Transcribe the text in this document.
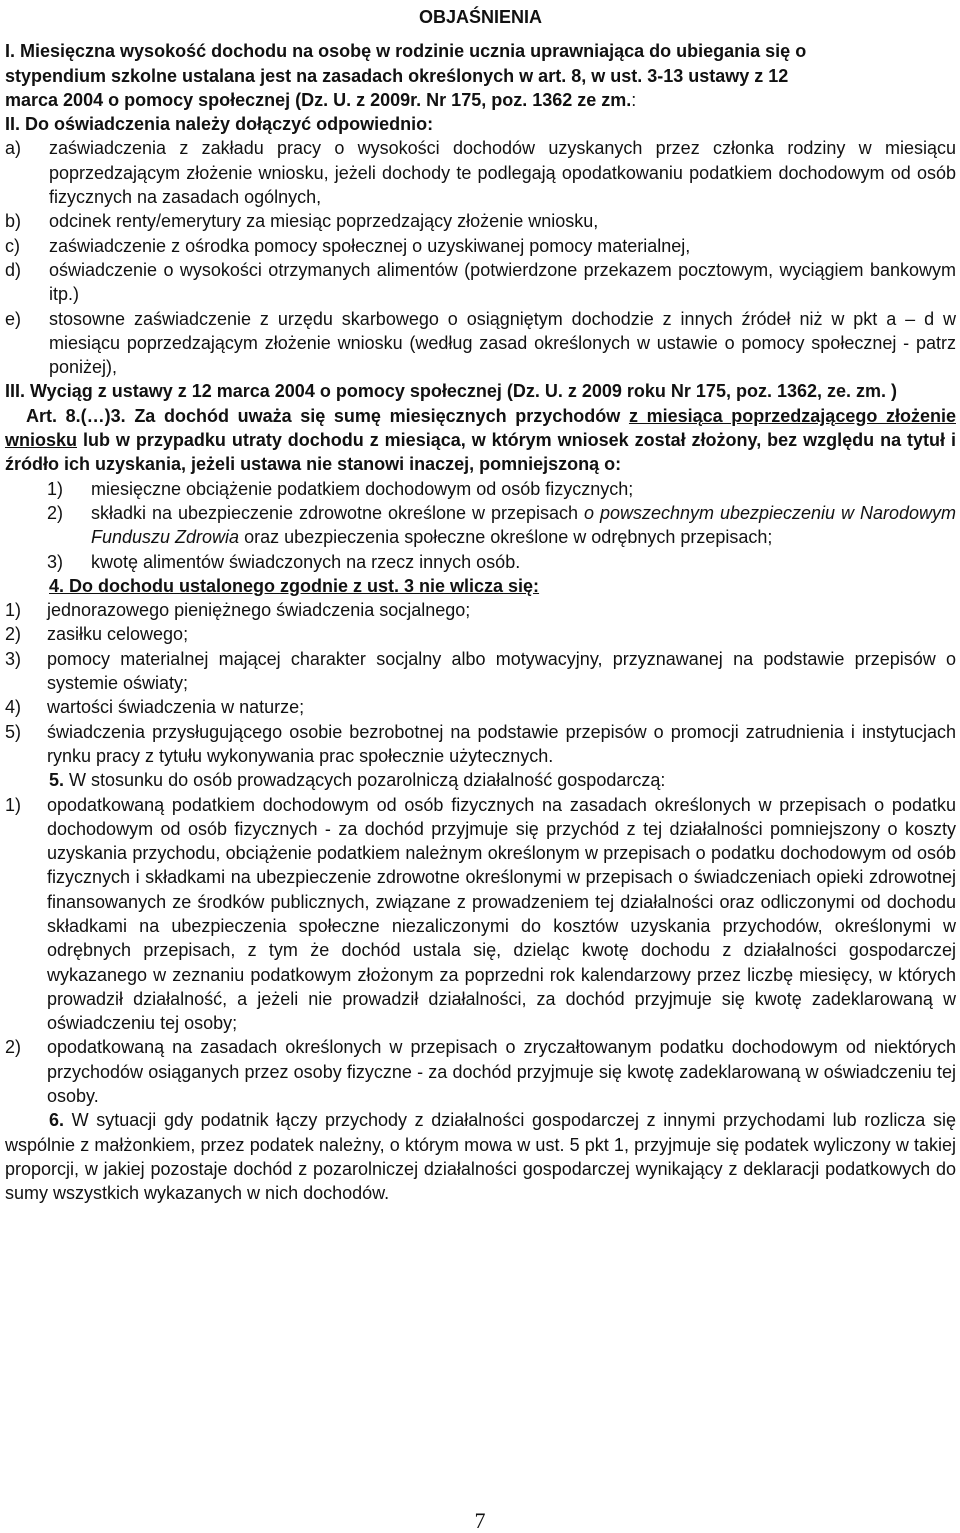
OBJAŚNIENIA

I. Miesięczna wysokość dochodu na osobę w rodzinie ucznia uprawniająca do ubiegania się o

stypendium szkolne ustalana jest na zasadach określonych w art. 8, w ust. 3-13 ustawy z 12

marca 2004 o pomocy społecznej (Dz. U. z 2009r. Nr 175, poz. 1362 ze zm.:

II. Do oświadczenia należy dołączyć odpowiednio:

a)	zaświadczenia z zakładu pracy o wysokości dochodów uzyskanych przez członka rodziny w miesiącu poprzedzającym złożenie wniosku, jeżeli dochody te podlegają opodatkowaniu podatkiem dochodowym od osób fizycznych na zasadach ogólnych,
b)	odcinek renty/emerytury za miesiąc poprzedzający złożenie wniosku,
c)	zaświadczenie z ośrodka pomocy społecznej o uzyskiwanej pomocy materialnej,
d)	oświadczenie o wysokości otrzymanych alimentów (potwierdzone przekazem pocztowym, wyciągiem bankowym itp.)
e)	stosowne zaświadczenie z urzędu skarbowego o osiągniętym dochodzie z innych źródeł niż w pkt a – d w miesiącu poprzedzającym złożenie wniosku (według zasad określonych w ustawie o pomocy społecznej - patrz poniżej),

III. Wyciąg z ustawy z 12 marca 2004 o pomocy społecznej (Dz. U. z 2009 roku Nr 175, poz. 1362, ze. zm. )

Art. 8.(…)3. Za dochód uważa się sumę miesięcznych przychodów z miesiąca poprzedzającego złożenie wniosku lub w przypadku utraty dochodu z miesiąca, w którym wniosek został złożony, bez względu na tytuł i źródło ich uzyskania, jeżeli ustawa nie stanowi inaczej, pomniejszoną o:

1)	miesięczne obciążenie podatkiem dochodowym od osób fizycznych;
2)	składki na ubezpieczenie zdrowotne określone w przepisach o powszechnym ubezpieczeniu w Narodowym Funduszu Zdrowia oraz ubezpieczenia społeczne określone w odrębnych przepisach;
3)	kwotę alimentów świadczonych na rzecz innych osób.

4. Do dochodu ustalonego zgodnie z ust. 3 nie wlicza się:

1)	jednorazowego pieniężnego świadczenia socjalnego;
2)	zasiłku celowego;
3)	pomocy materialnej mającej charakter socjalny albo motywacyjny, przyznawanej na podstawie przepisów o systemie oświaty;
4)	wartości świadczenia w naturze;
5)	świadczenia przysługującego osobie bezrobotnej na podstawie przepisów o promocji zatrudnienia i instytucjach rynku pracy z tytułu wykonywania prac społecznie użytecznych.

5. W stosunku do osób prowadzących pozarolniczą działalność gospodarczą:

1)	opodatkowaną podatkiem dochodowym od osób fizycznych na zasadach określonych w przepisach o podatku dochodowym od osób fizycznych - za dochód przyjmuje się przychód z tej działalności pomniejszony o koszty uzyskania przychodu, obciążenie podatkiem należnym określonym w przepisach o podatku dochodowym od osób fizycznych i składkami na ubezpieczenie zdrowotne określonymi w przepisach o świadczeniach opieki zdrowotnej finansowanych ze środków publicznych, związane z prowadzeniem tej działalności oraz odliczonymi od dochodu składkami na ubezpieczenia społeczne niezaliczonymi do kosztów uzyskania przychodów, określonymi w odrębnych przepisach, z tym że dochód ustala się, dzieląc kwotę dochodu z działalności gospodarczej wykazanego w zeznaniu podatkowym złożonym za poprzedni rok kalendarzowy przez liczbę miesięcy, w których prowadził działalność, a jeżeli nie prowadził działalności, za dochód przyjmuje się kwotę zadeklarowaną w oświadczeniu tej osoby;
2)	opodatkowaną na zasadach określonych w przepisach o zryczałtowanym podatku dochodowym od niektórych przychodów osiąganych przez osoby fizyczne - za dochód przyjmuje się kwotę zadeklarowaną w oświadczeniu tej osoby.

6. W sytuacji gdy podatnik łączy przychody z działalności gospodarczej z innymi przychodami lub rozlicza się wspólnie z małżonkiem, przez podatek należny, o którym mowa w ust. 5 pkt 1, przyjmuje się podatek wyliczony w takiej proporcji, w jakiej pozostaje dochód z pozarolniczej działalności gospodarczej wynikający z deklaracji podatkowych do sumy wszystkich wykazanych w nich dochodów.

7
